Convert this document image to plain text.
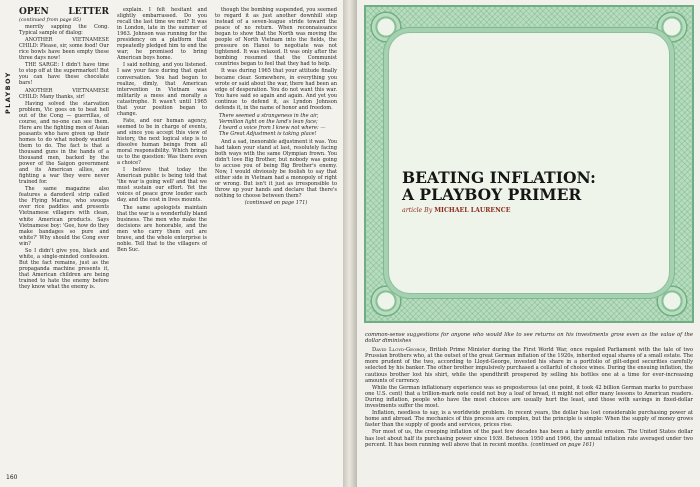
PLAYBOY
OPEN LETTER (continued from page 85)

merrily sapping the Cong. Typical sample of dialog:

ANOTHER VIETNAMESE CHILD: Please, sir, some food! Our rice bowls have been empty these three days now!

THE SARGE: I didn't have time to stop off at the supermarket! But you can have these chocolate bars!

ANOTHER VIETNAMESE CHILD: Many thanks, sir!

Having solved the starvation problem, Vic goes on to beat hell out of the Cong — guerrillas, of course, and no-one can see them. Here are the fighting men of Asian peasants who have given up their homes to do what nobody wanted them to do. The fact is that a thousand guns in the hands of a thousand men, backed by the power of the Saigon government and its American allies, are fighting a war they were never trained for.

The same magazine also features a daredevil strip called the Flying Marine, who swoops over rice paddies and presents Vietnamese villagers with clean, white American products. Says Vietnamese boy: 'Gee, how do they make bandages so pure and white?' Why should the Cong ever win?

So I didn't give you, black and white, a single-minded confession. But the fact remains, just as the propaganda machine presents it, that American children are being trained to hate the enemy before they know what the enemy is.

explain. I felt hesitant and slightly embarrassed. Do you recall the last time we met? It was in London, late in the summer of 1963. Johnson was running for the presidency on a platform that repeatedly pledged him to end the war; he promised to bring American boys home.

I said nothing, and you listened. I saw your face during that quiet conversation. You had begun to realize, dimly, that American intervention in Vietnam was militarily a mess and morally a catastrophe. It wasn't until 1965 that your position began to change.

Fate, and our human agency, seemed to be in charge of events, and since you accept this view of history, the next logical step is to dissolve human beings from all moral responsibility. Which brings us to the question: Was there even a choice?

I believe that today the American public is being told that 'the war is going well' and that we must sustain our effort. Yet the voices of peace grow louder each day, and the cost in lives mounts.

The same apologists maintain that the war is a wonderfully bland business. The men who make the decisions are honorable, and the men who carry them out are brave, and the whole enterprise is noble. Tell that to the villagers of Ben Suc.

though the bombing suspended, you seemed to regard it as just another downhill step instead of a seven-league stride toward the peace of no return. When reconnaissance began to show that the North was moving the people of North Vietnam into the fields, the pressure on Hanoi to negotiate was not tightened. It was relaxed. It was only after the bombing resumed that the Communist countries began to feel that they had to help.

It was during 1965 that your attitude finally became clear. Somewhere, in everything you wrote or said about the war, there had been an edge of desperation. You do not want this war. You have said so again and again. And yet you continue to defend it, as Lyndon Johnson defends it, in the name of honor and freedom.

There seemed a strangeness in the air,

Vermilion light on the land's lean face;

I heard a voice from I knew not where: —

The Great Adjustment is taking place!

And a sad, inexorable adjustment it was. You had taken your stand at last, resolutely facing both ways with the same Olympian frown. You didn't love Big Brother, but nobody was going to accuse you of being Big Brother's enemy. Now, I would obviously be foolish to say that either side in Vietnam had a monopoly of right or wrong. But isn't it just as irresponsible to throw up your hands and declare that there's nothing to choose between them?

(continued on page 171)

160
BEATING INFLATION:
A PLAYBOY PRIMER
article By MICHAEL LAURENCE

common-sense suggestions for anyone who would like to see returns on his investments grow even as the value of the dollar diminishes

David Lloyd-George, British Prime Minister during the First World War, once regaled Parliament with the tale of two Prussian brothers who, at the outset of the great German inflation of the 1920s, inherited equal shares of a small estate. The more prudent of the two, according to Lloyd-George, invested his share in a portfolio of gilt-edged securities carefully selected by his banker. The other brother impulsively purchased a cellarful of choice wines. During the ensuing inflation, the cautious brother lost his shirt, while the spendthrift prospered by selling his bottles one at a time for ever-increasing amounts of currency.

While the German inflationary experience was so preposterous (at one point, it took 42 billion German marks to purchase one U.S. cent) that a trillion-mark note could not buy a loaf of bread, it might not offer many lessons to American readers. During inflation, people who have the most choices are usually hurt the least, and those with savings in fixed-dollar investments suffer the most.

Inflation, needless to say, is a worldwide problem. In recent years, the dollar has lost considerable purchasing power at home and abroad. The mechanics of this process are complex, but the principle is simple: When the supply of money grows faster than the supply of goods and services, prices rise.

For most of us, the creeping inflation of the past few decades has been a fairly gentle erosion. The United States dollar has lost about half its purchasing power since 1939. Between 1950 and 1966, the annual inflation rate averaged under two percent. It has been running well above that in recent months. (continued on page 161)
